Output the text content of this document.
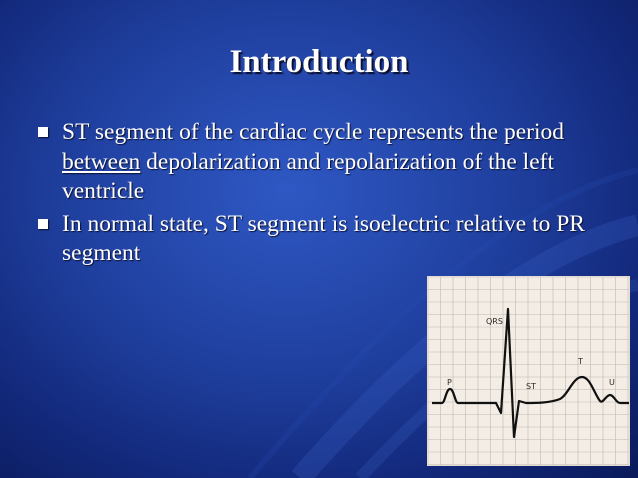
Introduction
ST segment of the cardiac cycle represents the period between depolarization and repolarization of the left ventricle
In normal state, ST segment is isoelectric relative to PR segment
QRS
P	ST
T
U
